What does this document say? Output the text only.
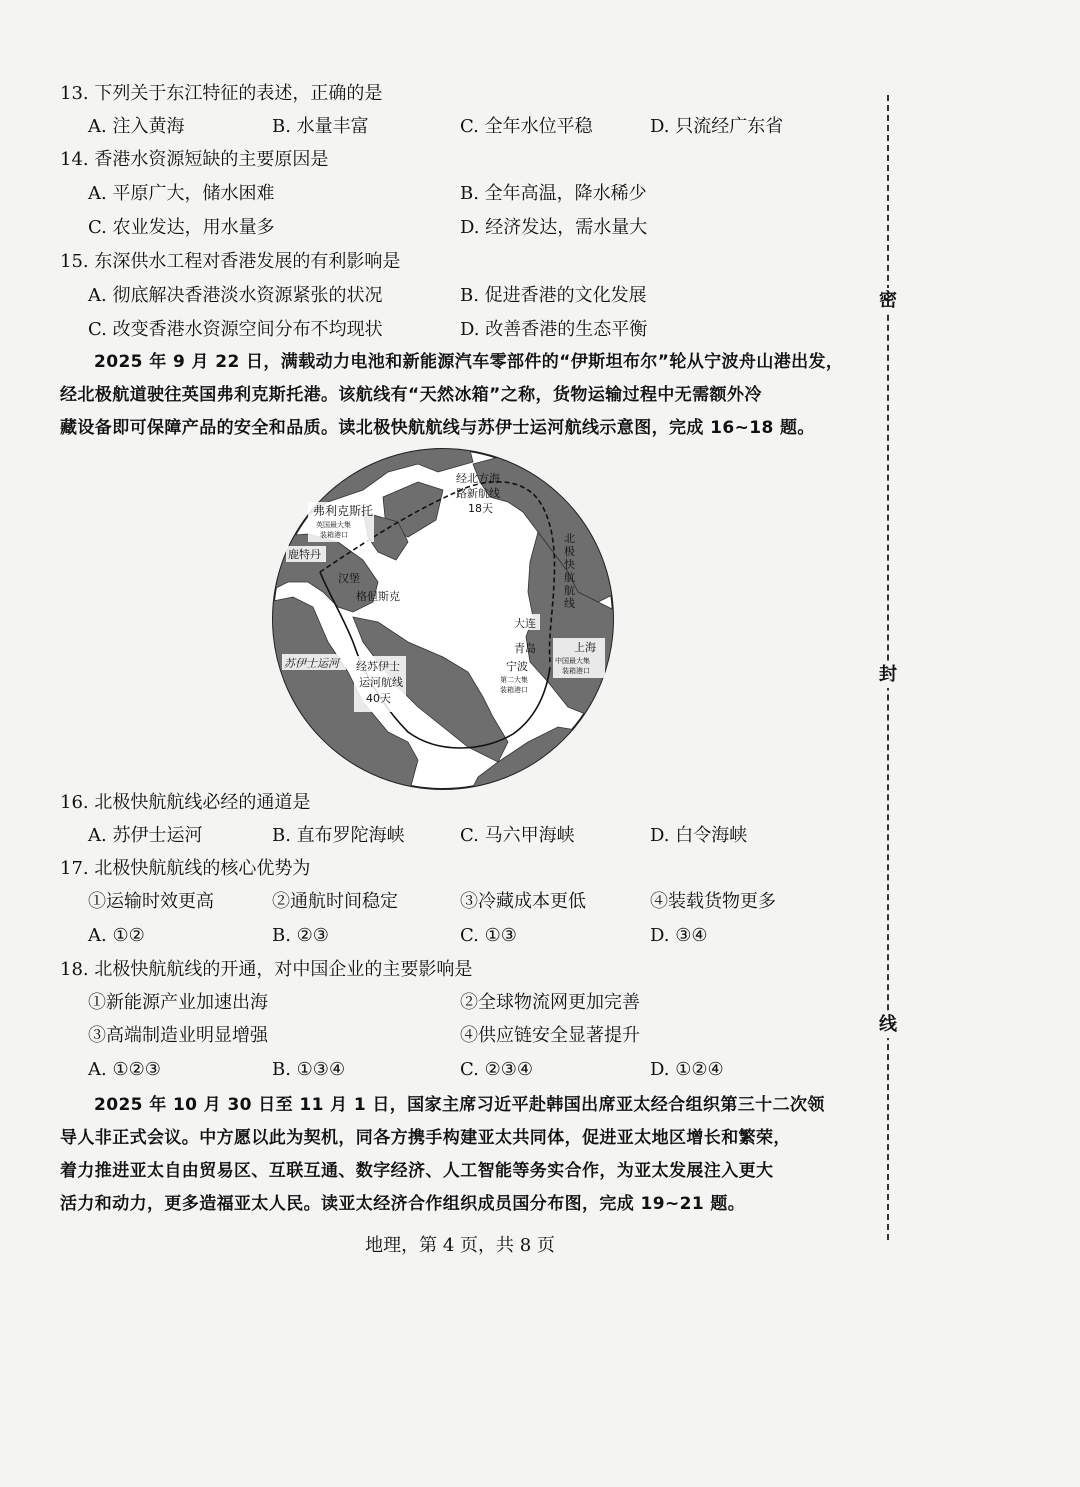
13. 下列关于东江特征的表述，正确的是
A. 注入黄海	B. 水量丰富	C. 全年水位平稳	D. 只流经广东省
14. 香港水资源短缺的主要原因是
A. 平原广大，储水困难	B. 全年高温，降水稀少
C. 农业发达，用水量多	D. 经济发达，需水量大
15. 东深供水工程对香港发展的有利影响是
A. 彻底解决香港淡水资源紧张的状况	B. 促进香港的文化发展
C. 改变香港水资源空间分布不均现状	D. 改善香港的生态平衡
2025 年 9 月 22 日，满载动力电池和新能源汽车零部件的“伊斯坦布尔”轮从宁波舟山港出发，
经北极航道驶往英国弗利克斯托港。该航线有“天然冰箱”之称，货物运输过程中无需额外冷
藏设备即可保障产品的安全和品质。读北极快航航线与苏伊士运河航线示意图，完成 16~18 题。
弗利克斯托
英国最大集
装箱港口
鹿特丹
汉堡
格但斯克
经北方海
路新航线
18天
北
极
快
航
航
线
大连
青岛
宁波
第二大集
装箱港口
上海
中国最大集
装箱港口
苏伊士运河 经苏伊士
运河航线
40天
16. 北极快航航线必经的通道是
A. 苏伊士运河	B. 直布罗陀海峡	C. 马六甲海峡	D. 白令海峡
17. 北极快航航线的核心优势为
①运输时效更高	②通航时间稳定	③冷藏成本更低	④装载货物更多
A. ①②	B. ②③	C. ①③	D. ③④
18. 北极快航航线的开通，对中国企业的主要影响是
①新能源产业加速出海	②全球物流网更加完善
③高端制造业明显增强	④供应链安全显著提升
A. ①②③	B. ①③④	C. ②③④	D. ①②④
2025 年 10 月 30 日至 11 月 1 日，国家主席习近平赴韩国出席亚太经合组织第三十二次领
导人非正式会议。中方愿以此为契机，同各方携手构建亚太共同体，促进亚太地区增长和繁荣，
着力推进亚太自由贸易区、互联互通、数字经济、人工智能等务实合作，为亚太发展注入更大
活力和动力，更多造福亚太人民。读亚太经济合作组织成员国分布图，完成 19~21 题。
地理，第 4 页，共 8 页
密
封
线
